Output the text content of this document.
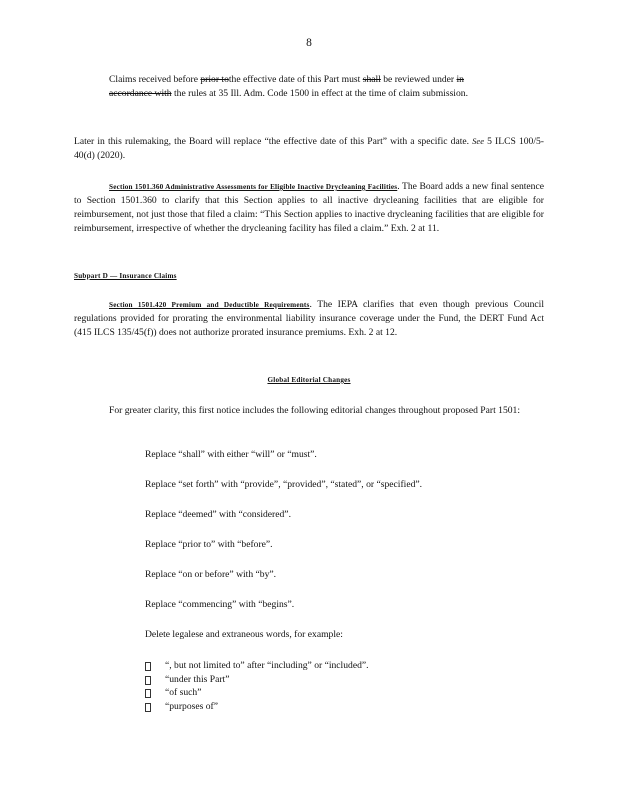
8
Claims received before prior tothe effective date of this Part must shall be reviewed under in accordance with the rules at 35 Ill. Adm. Code 1500 in effect at the time of claim submission.
Later in this rulemaking, the Board will replace “the effective date of this Part” with a specific date. See 5 ILCS 100/5-40(d) (2020).
Section 1501.360 Administrative Assessments for Eligible Inactive Drycleaning Facilities. The Board adds a new final sentence to Section 1501.360 to clarify that this Section applies to all inactive drycleaning facilities that are eligible for reimbursement, not just those that filed a claim: “This Section applies to inactive drycleaning facilities that are eligible for reimbursement, irrespective of whether the drycleaning facility has filed a claim.” Exh. 2 at 11.
Subpart D — Insurance Claims
Section 1501.420 Premium and Deductible Requirements. The IEPA clarifies that even though previous Council regulations provided for prorating the environmental liability insurance coverage under the Fund, the DERT Fund Act (415 ILCS 135/45(f)) does not authorize prorated insurance premiums. Exh. 2 at 12.
Global Editorial Changes
For greater clarity, this first notice includes the following editorial changes throughout proposed Part 1501:
Replace “shall” with either “will” or “must”.
Replace “set forth” with “provide”, “provided”, “stated”, or “specified”.
Replace “deemed” with “considered”.
Replace “prior to” with “before”.
Replace “on or before” with “by”.
Replace “commencing” with “begins”.
Delete legalese and extraneous words, for example:
“, but not limited to” after “including” or “included”.
“under this Part”
“of such”
“purposes of”
